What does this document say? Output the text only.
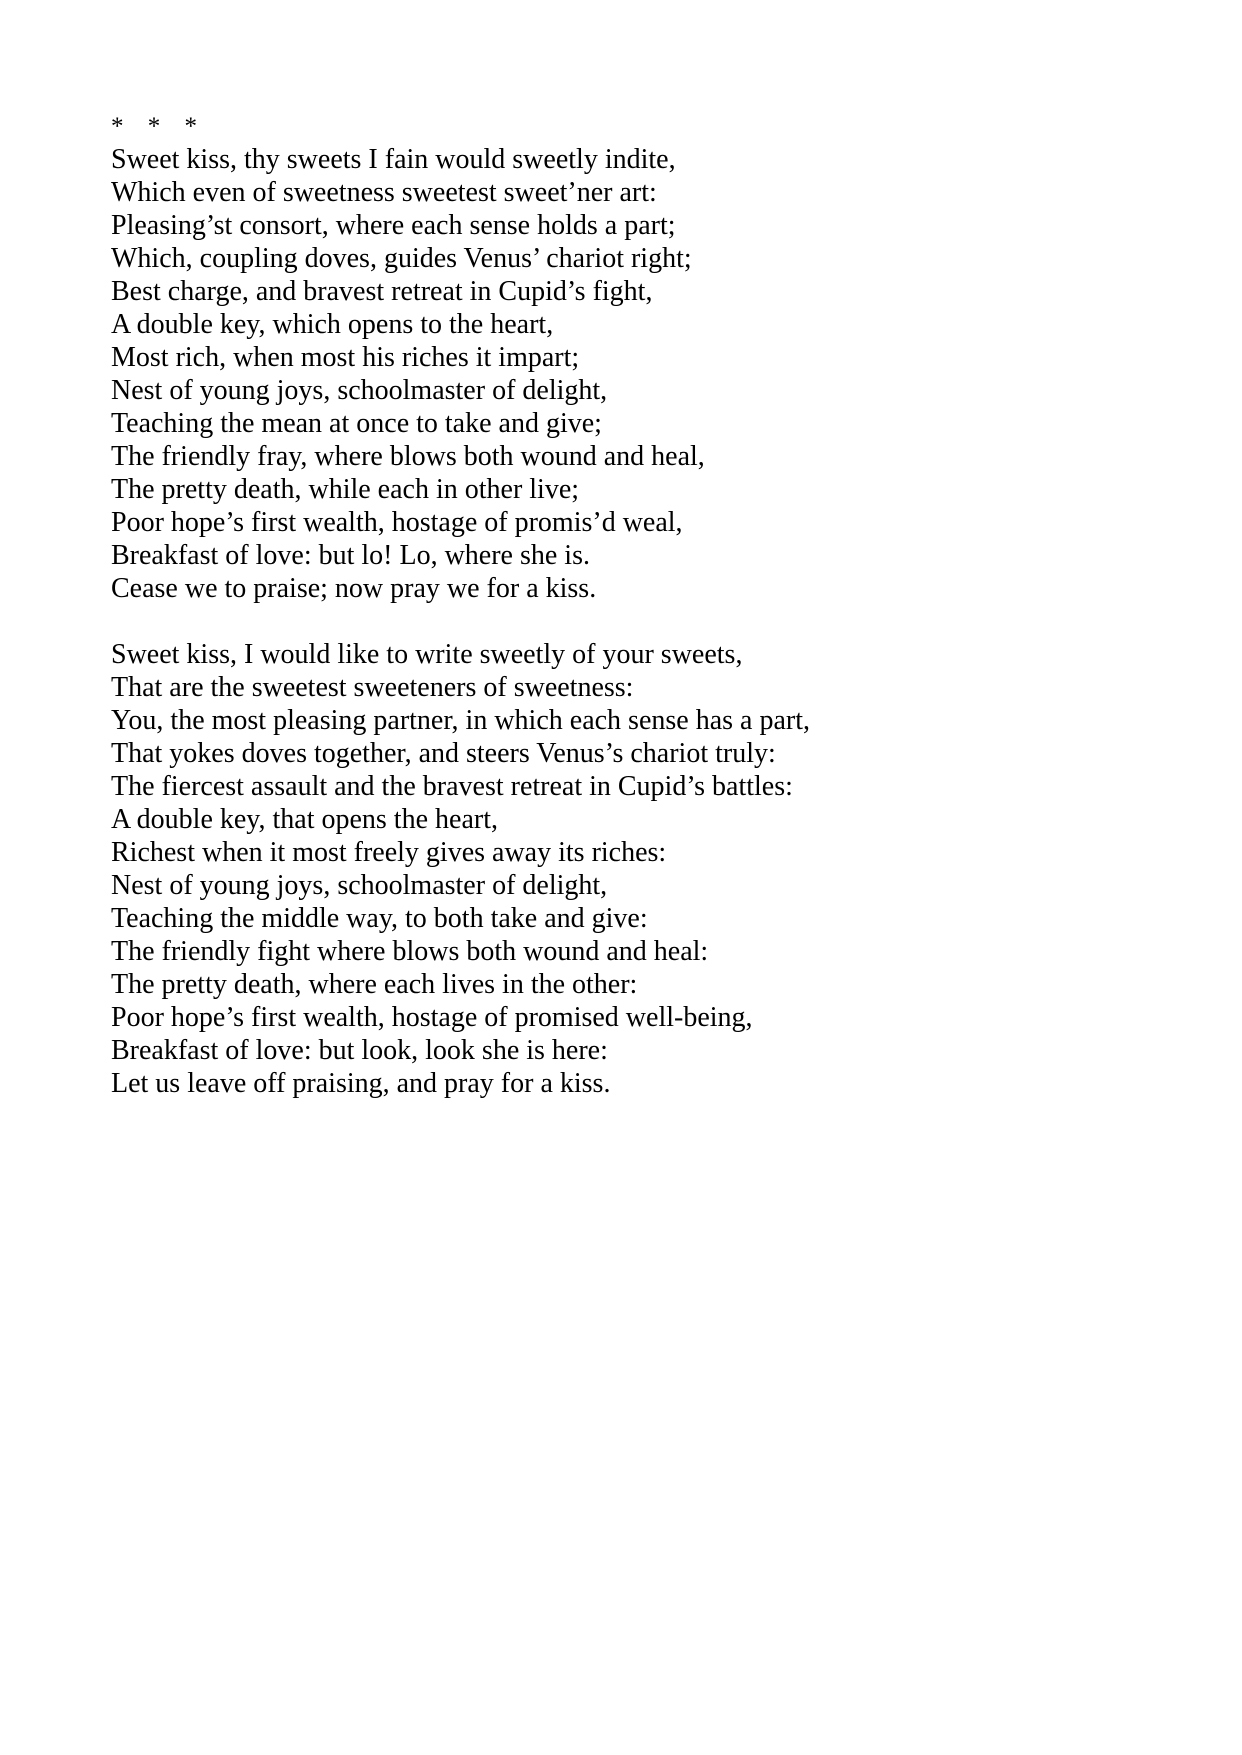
* * *
Sweet kiss, thy sweets I fain would sweetly indite,
Which even of sweetness sweetest sweet’ner art:
Pleasing’st consort, where each sense holds a part;
Which, coupling doves, guides Venus’ chariot right;
Best charge, and bravest retreat in Cupid’s fight,
A double key, which opens to the heart,
Most rich, when most his riches it impart;
Nest of young joys, schoolmaster of delight,
Teaching the mean at once to take and give;
The friendly fray, where blows both wound and heal,
The pretty death, while each in other live;
Poor hope’s first wealth, hostage of promis’d weal,
Breakfast of love: but lo! Lo, where she is.
Cease we to praise; now pray we for a kiss.
Sweet kiss, I would like to write sweetly of your sweets,
That are the sweetest sweeteners of sweetness:
You, the most pleasing partner, in which each sense has a part,
That yokes doves together, and steers Venus’s chariot truly:
The fiercest assault and the bravest retreat in Cupid’s battles:
A double key, that opens the heart,
Richest when it most freely gives away its riches:
Nest of young joys, schoolmaster of delight,
Teaching the middle way, to both take and give:
The friendly fight where blows both wound and heal:
The pretty death, where each lives in the other:
Poor hope’s first wealth, hostage of promised well-being,
Breakfast of love: but look, look she is here:
Let us leave off praising, and pray for a kiss.
